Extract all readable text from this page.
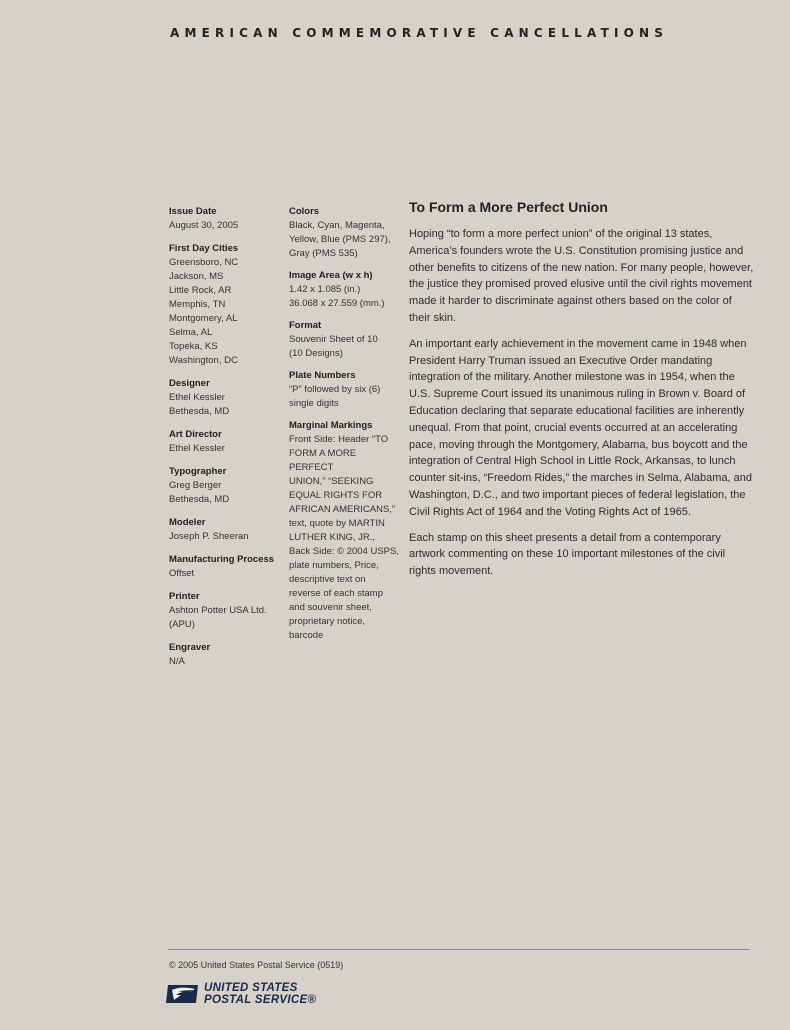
AMERICAN COMMEMORATIVE CANCELLATIONS
Issue Date
August 30, 2005
First Day Cities
Greensboro, NC
Jackson, MS
Little Rock, AR
Memphis, TN
Montgomery, AL
Selma, AL
Topeka, KS
Washington, DC
Designer
Ethel Kessler
Bethesda, MD
Art Director
Ethel Kessler
Typographer
Greg Berger
Bethesda, MD
Modeler
Joseph P. Sheeran
Manufacturing Process
Offset
Printer
Ashton Potter USA Ltd.
(APU)
Engraver
N/A
Colors
Black, Cyan, Magenta,
Yellow, Blue (PMS 297),
Gray (PMS 535)
Image Area (w x h)
1.42 x 1.085 (in.)
36.068 x 27.559 (mm.)
Format
Souvenir Sheet of 10
(10 Designs)
Plate Numbers
“P” followed by six (6)
single digits
Marginal Markings
Front Side: Header “TO
FORM A MORE PERFECT
UNION,” “SEEKING
EQUAL RIGHTS FOR
AFRICAN AMERICANS,”
text, quote by MARTIN
LUTHER KING, JR.,
Back Side: © 2004 USPS,
plate numbers, Price,
descriptive text on
reverse of each stamp
and souvenir sheet,
proprietary notice,
barcode
To Form a More Perfect Union

Hoping “to form a more perfect union” of the original 13 states, America’s founders wrote the U.S. Constitution promising justice and other benefits to citizens of the new nation. For many people, however, the justice they promised proved elusive until the civil rights movement made it harder to discriminate against others based on the color of their skin.

An important early achievement in the movement came in 1948 when President Harry Truman issued an Executive Order mandating integration of the military. Another milestone was in 1954, when the U.S. Supreme Court issued its unanimous ruling in Brown v. Board of Education declaring that separate educational facilities are inherently unequal. From that point, crucial events occurred at an accelerating pace, moving through the Montgomery, Alabama, bus boycott and the integration of Central High School in Little Rock, Arkansas, to lunch counter sit-ins, “Freedom Rides,” the marches in Selma, Alabama, and Washington, D.C., and two important pieces of federal legislation, the Civil Rights Act of 1964 and the Voting Rights Act of 1965.

Each stamp on this sheet presents a detail from a contemporary artwork commenting on these 10 important milestones of the civil rights movement.

© 2005 United States Postal Service (0519)
UNITED STATES
POSTAL SERVICE®
